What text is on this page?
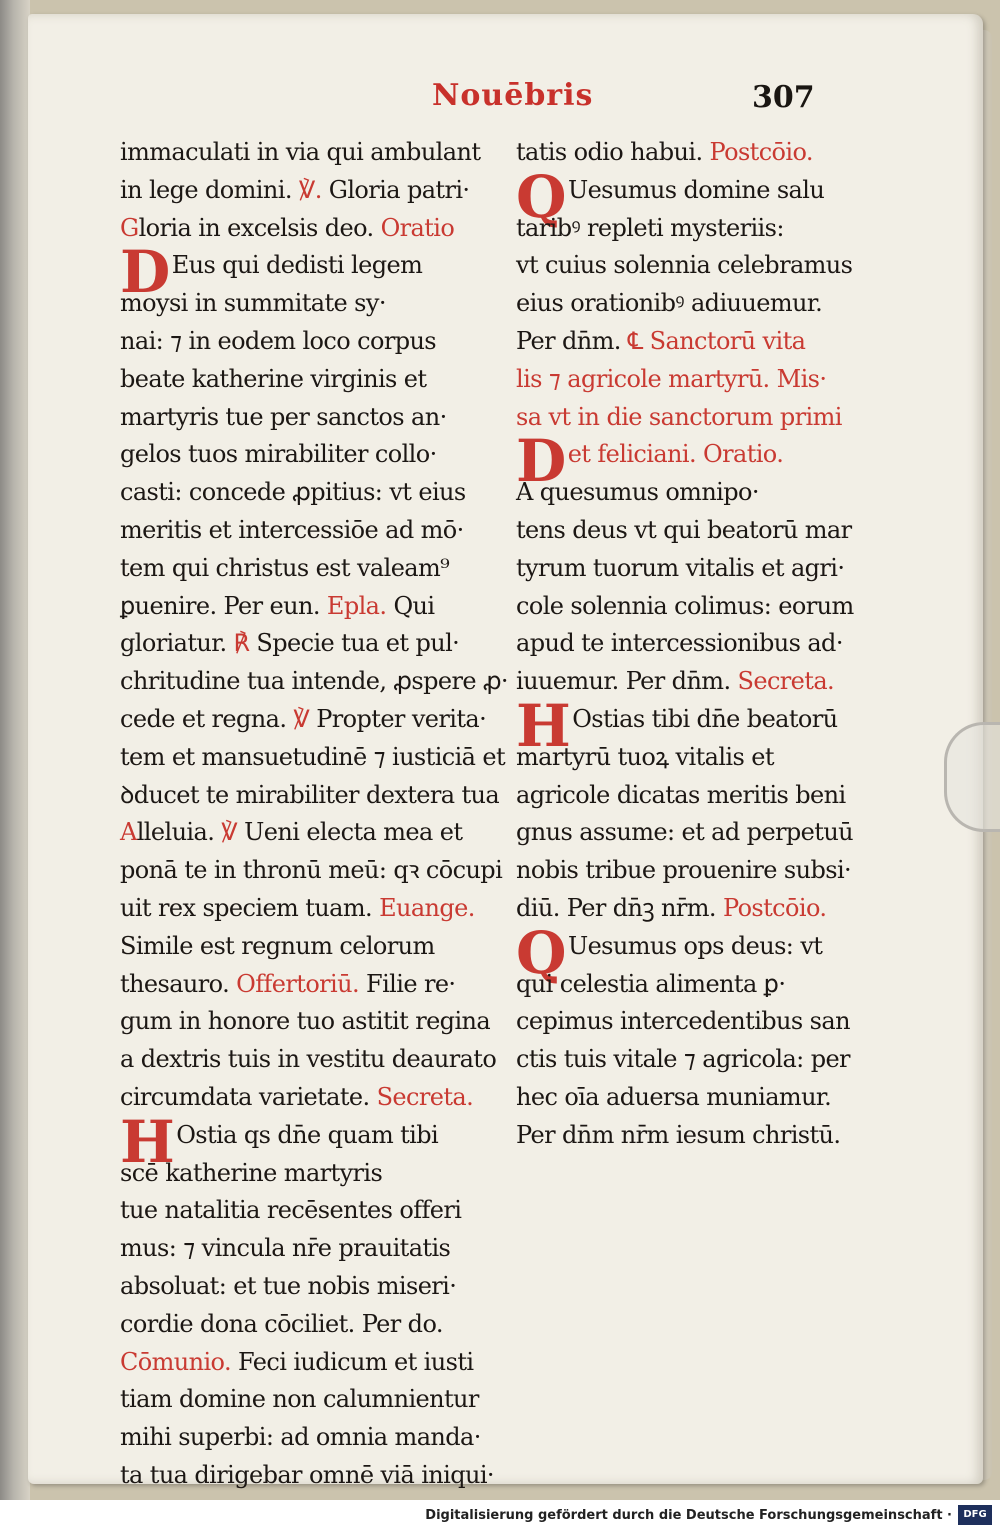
Nouēbris	307
immaculati in via qui ambulant
in lege domini. ℣. Gloria patri·
Gloria in excelsis deo. Oratio
DEus qui dedisti legem
moysi in summitate sy·
nai: ⁊ in eodem loco corpus
beate katherine virginis et
martyris tue per sanctos an·
gelos tuos mirabiliter collo·
casti: concede ꝓpitius: vt eius
meritis et intercessiōe ad mō·
tem qui christus est valeam⁹
ꝑuenire. Per eun. Epla. Qui
gloriatur. ℟ Specie tua et pul·
chritudine tua intende, ꝓspere ꝓ·
cede et regna. ℣ Propter verita·
tem et mansuetudinē ⁊ iusticiā et
ꝺducet te mirabiliter dextera tua
Alleluia. ℣ Ueni electa mea et
ponā te in thronū meū: qꝛ cōcupi
uit rex speciem tuam. Euange.
Simile est regnum celorum
thesauro. Offertoriū. Filie re·
gum in honore tuo astitit regina
a dextris tuis in vestitu deaurato
circumdata varietate. Secreta.
HOstia qs dn̄e quam tibi
scē katherine martyris
tue natalitia recēsentes offeri
mus: ⁊ vincula nr̄e prauitatis
absoluat: et tue nobis miseri·
cordie dona cōciliet. Per do.
Cōmunio. Feci iudicum et iusti
tiam domine non calumnientur
mihi superbi: ad omnia manda·
ta tua dirigebar omnē viā iniqui·
tatis odio habui. Postcōio.
QUesumus domine salu
taribꝰ repleti mysteriis:
vt cuius solennia celebramus
eius orationibꝰ adiuuemur.
Per dn̄m. ℄ Sanctorū vita
lis ⁊ agricole martyrū. Mis·
sa vt in die sanctorum primi
Det feliciani. Oratio.
A quesumus omnipo·
tens deus vt qui beatorū mar
tyrum tuorum vitalis et agri·
cole solennia colimus: eorum
apud te intercessionibus ad·
iuuemur. Per dn̄m. Secreta.
HOstias tibi dn̄e beatorū
martyrū tuoꝝ vitalis et
agricole dicatas meritis beni
gnus assume: et ad perpetuū
nobis tribue prouenire subsi·
diū. Per dn̄ꝫ nr̄m. Postcōio.
QUesumus ops deus: vt
qui celestia alimenta ꝑ·
cepimus intercedentibus san
ctis tuis vitale ⁊ agricola: per
hec oīa aduersa muniamur.
Per dn̄m nr̄m iesum christū.
Digitalisierung gefördert durch die Deutsche Forschungsgemeinschaft ·	DFG
